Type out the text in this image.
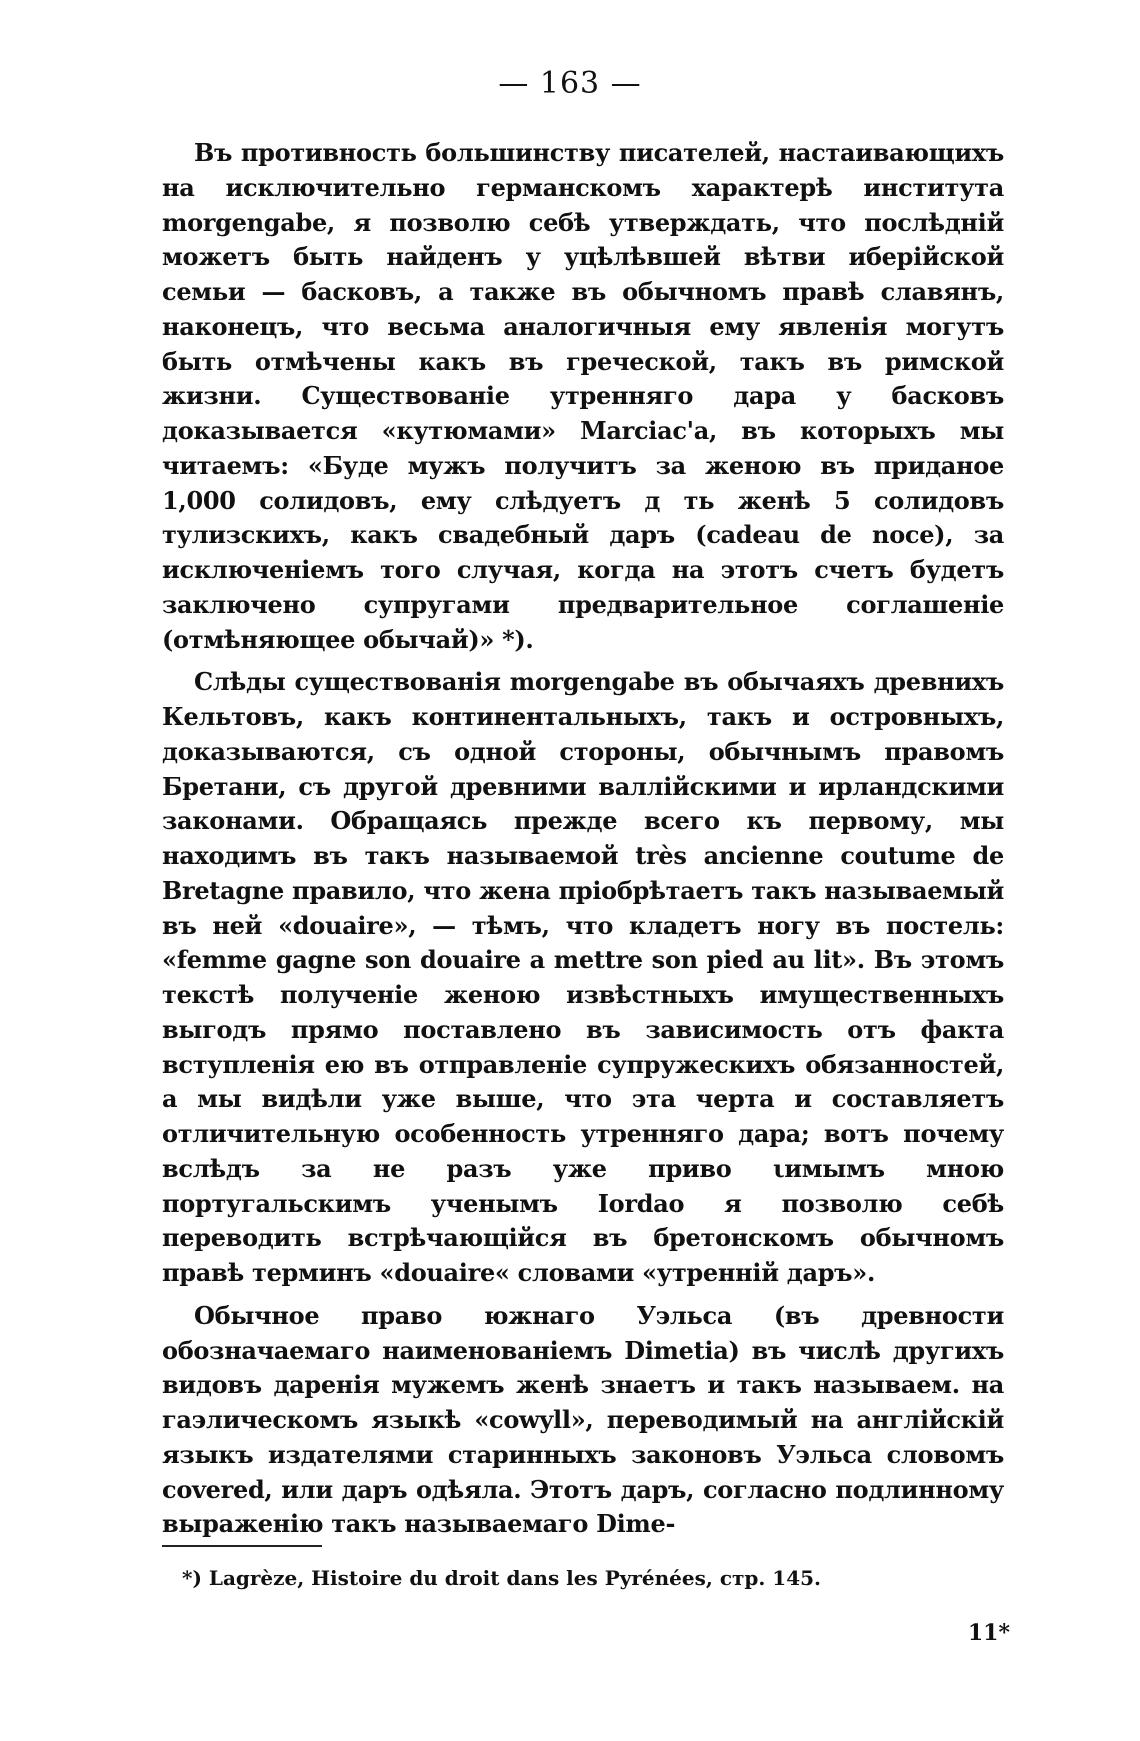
— 163 —

Въ противность большинству писателей, настаивающихъ на исключительно германскомъ характерѣ института morgengabe, я позволю себѣ утверждать, что послѣдній можетъ быть найденъ у уцѣлѣвшей вѣтви иберійской семьи — басковъ, а также въ обычномъ правѣ славянъ, наконецъ, что весьма аналогичныя ему явленія могутъ быть отмѣчены какъ въ греческой, такъ въ римской жизни. Существованіе утренняго дара у басковъ доказывается «кутюмами» Marciac'а, въ которыхъ мы читаемъ: «Буде мужъ получитъ за женою въ приданое 1,000 солидовъ, ему слѣдуетъ д ть женѣ 5 солидовъ тулизскихъ, какъ свадебный даръ (cadeau de noce), за исключеніемъ того случая, когда на этотъ счетъ будетъ заключено супругами предварительное соглашеніе (отмѣняющее обычай)» *).

Слѣды существованія morgengabe въ обычаяхъ древнихъ Кельтовъ, какъ континентальныхъ, такъ и островныхъ, доказываются, съ одной стороны, обычнымъ правомъ Бретани, съ другой древними валлійскими и ирландскими законами. Обращаясь прежде всего къ первому, мы находимъ въ такъ называемой très ancienne coutume de Bretagne правило, что жена пріобрѣтаетъ такъ называемый въ ней «douaire», — тѣмъ, что кладетъ ногу въ постель: «femme gagne son douaire a mettre son pied au lit». Въ этомъ текстѣ полученіе женою извѣстныхъ имущественныхъ выгодъ прямо поставлено въ зависимость отъ факта вступленія ею въ отправленіе супружескихъ обязанностей, а мы видѣли уже выше, что эта черта и составляетъ отличительную особенность утренняго дара; вотъ почему вслѣдъ за не разъ уже приво ιимымъ мною португальскимъ ученымъ Iordao я позволю себѣ переводить встрѣчающійся въ бретонскомъ обычномъ правѣ терминъ «douaire« словами «утренній даръ».

Обычное право южнаго Уэльса (въ древности обозначаемаго наименованіемъ Dimetia) въ числѣ другихъ видовъ даренія мужемъ женѣ знаетъ и такъ называем. на гаэлическомъ языкѣ «cowyll», переводимый на англійскій языкъ издателями старинныхъ законовъ Уэльса словомъ covered, или даръ одѣяла. Этотъ даръ, согласно подлинному выраженію такъ называемаго Dime-

*) Lagrèze, Histoire du droit dans les Pyrénées, стр. 145.
11*
